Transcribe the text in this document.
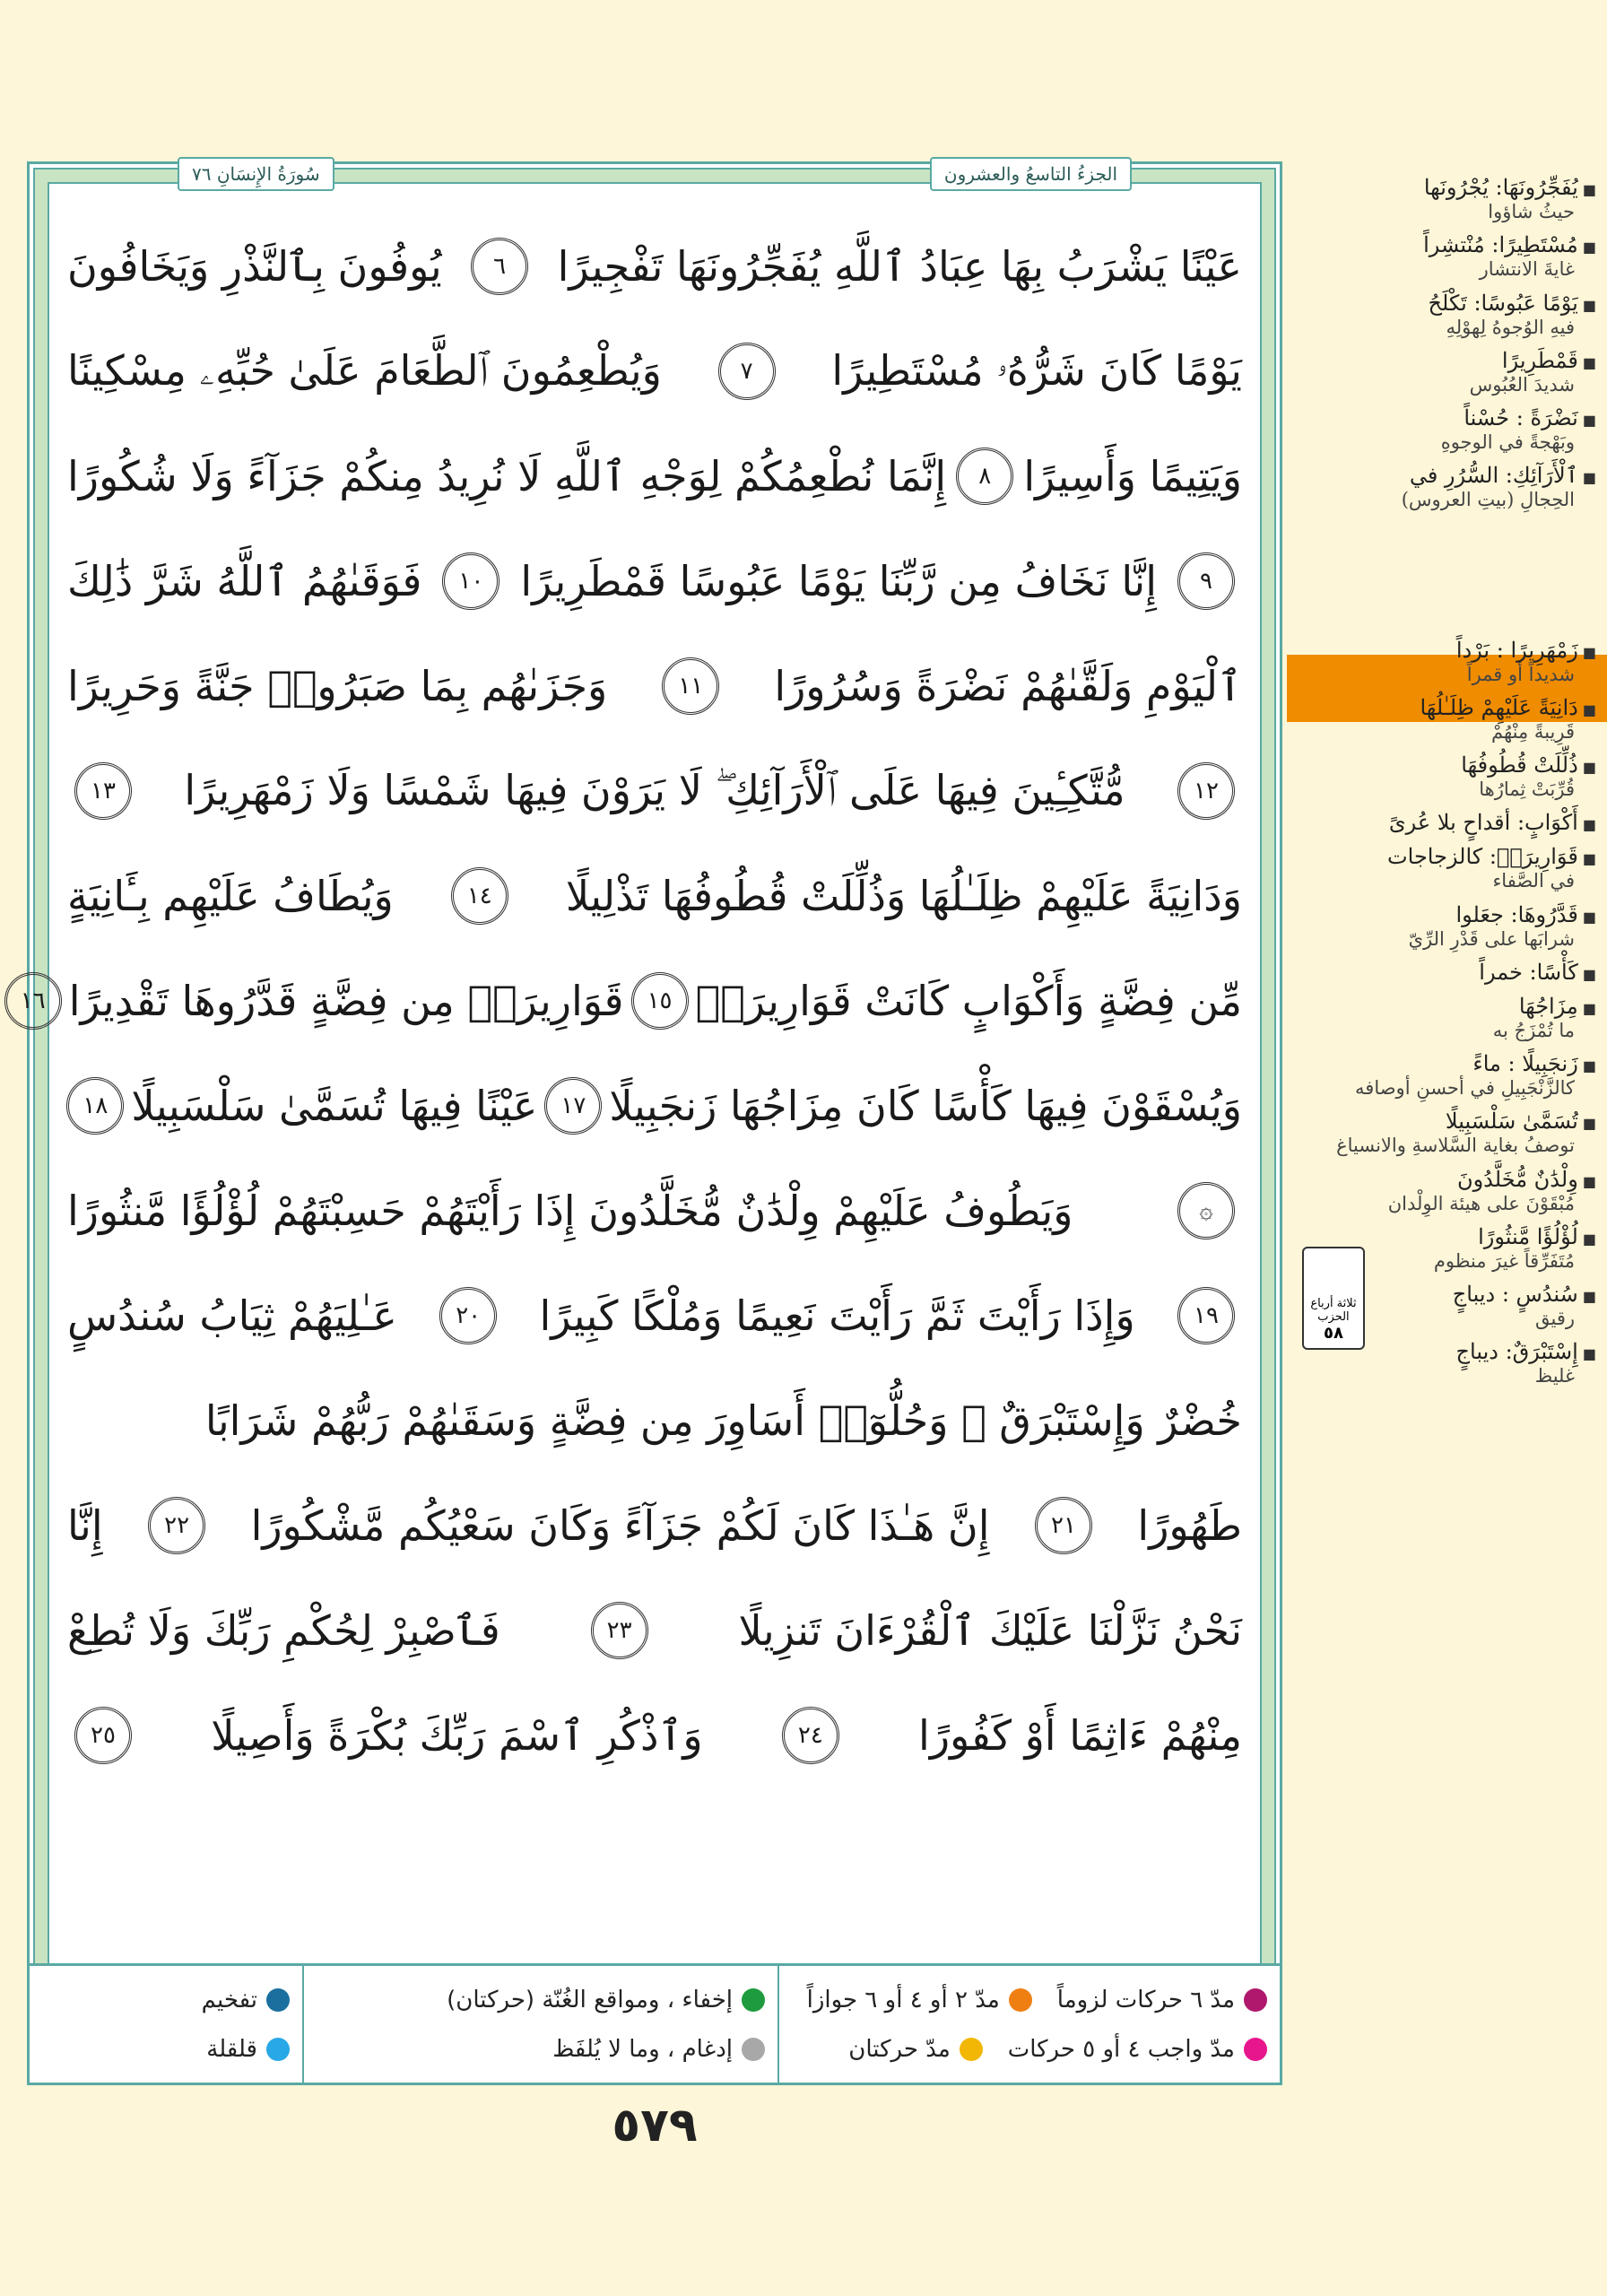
سُورَةُ الإِنسَانِ ٧٦	الجزءُ التاسعُ والعشرون
عَيْنًا يَشْرَبُ بِهَا عِبَادُ ٱللَّهِ يُفَجِّرُونَهَا تَفْجِيرًا
٦
يُوفُونَ بِٱلنَّذْرِ وَيَخَافُونَ
يَوْمًا كَانَ شَرُّهُۥ مُسْتَطِيرًا
٧
وَيُطْعِمُونَ ٱلطَّعَامَ عَلَىٰ حُبِّهِۦ مِسْكِينًا
وَيَتِيمًا وَأَسِيرًا
٨
إِنَّمَا نُطْعِمُكُمْ لِوَجْهِ ٱللَّهِ لَا نُرِيدُ مِنكُمْ جَزَآءً وَلَا شُكُورًا
٩
إِنَّا نَخَافُ مِن رَّبِّنَا يَوْمًا عَبُوسًا قَمْطَرِيرًا
١٠
فَوَقَىٰهُمُ ٱللَّهُ شَرَّ ذَٰلِكَ
ٱلْيَوْمِ وَلَقَّىٰهُمْ نَضْرَةً وَسُرُورًا
١١
وَجَزَىٰهُم بِمَا صَبَرُوا۟ جَنَّةً وَحَرِيرًا
١٢
مُّتَّكِـِٔينَ فِيهَا عَلَى ٱلْأَرَآئِكِ ۖ لَا يَرَوْنَ فِيهَا شَمْسًا وَلَا زَمْهَرِيرًا
١٣
وَدَانِيَةً عَلَيْهِمْ ظِلَـٰلُهَا وَذُلِّلَتْ قُطُوفُهَا تَذْلِيلًا
١٤
وَيُطَافُ عَلَيْهِم بِـَٔانِيَةٍ
مِّن فِضَّةٍ وَأَكْوَابٍ كَانَتْ قَوَارِيرَا۠
١٥
قَوَارِيرَا۟ مِن فِضَّةٍ قَدَّرُوهَا تَقْدِيرًا
١٦
وَيُسْقَوْنَ فِيهَا كَأْسًا كَانَ مِزَاجُهَا زَنجَبِيلًا
١٧
عَيْنًا فِيهَا تُسَمَّىٰ سَلْسَبِيلًا
١٨
۞
وَيَطُوفُ عَلَيْهِمْ وِلْدَٰنٌ مُّخَلَّدُونَ إِذَا رَأَيْتَهُمْ حَسِبْتَهُمْ لُؤْلُؤًا مَّنثُورًا
١٩
وَإِذَا رَأَيْتَ ثَمَّ رَأَيْتَ نَعِيمًا وَمُلْكًا كَبِيرًا
٢٠
عَـٰلِيَهُمْ ثِيَابُ سُندُسٍ
خُضْرٌ وَإِسْتَبْرَقٌ ۖ وَحُلُّوٓا۟ أَسَاوِرَ مِن فِضَّةٍ وَسَقَىٰهُمْ رَبُّهُمْ شَرَابًا
طَهُورًا
٢١
إِنَّ هَـٰذَا كَانَ لَكُمْ جَزَآءً وَكَانَ سَعْيُكُم مَّشْكُورًا
٢٢
إِنَّا
نَحْنُ نَزَّلْنَا عَلَيْكَ ٱلْقُرْءَانَ تَنزِيلًا
٢٣
فَٱصْبِرْ لِحُكْمِ رَبِّكَ وَلَا تُطِعْ
مِنْهُمْ ءَاثِمًا أَوْ كَفُورًا
٢٤
وَٱذْكُرِ ٱسْمَ رَبِّكَ بُكْرَةً وَأَصِيلًا
٢٥
مدّ ٦ حركات لزوماً
مدّ ٢ أو ٤ أو ٦ جوازاً
مدّ واجب ٤ أو ٥ حركات
مدّ حركتان
إخفاء ، ومواقع الغُنّة (حركتان)
إدغام ، وما لا يُلفَظ
تفخيم
قلقلة
٥٧٩
■ يُفَجِّرُونَهَا: يُجْرُونَها
حيثُ شاؤوا
■ مُسْتَطِيرًا: مُنْتشِراً
غايةَ الانتشار
■ يَوْمًا عَبُوسًا: تَكْلَحُ
فيهِ الوُجوهُ لِهوْلِهِ
■ قَمْطَرِيرًا
شديدَ العُبُوس
■ نَضْرَةً : حُسْناً
وبَهْجةً في الوجوهِ
■ ٱلْأَرَآئِكِ: السُّرُرِ في
الحِجالِ (بيتِ العروس)
■ زَمْهَرِيرًا : بَرْداً
شديداً أو قمراً
■ دَانِيَةً عَلَيْهِمْ ظِلَـٰلُهَا
قَرِيبةً مِنْهُمْ
■ ذُلِّلَتْ قُطُوفُهَا
قُرِّبَتْ ثِمارُها
■ أَكْوَابٍ: أقداحٍ بلا عُرىً
■ قَوَارِيرَا۟: كالزجاجات
في الصَّفاء
■ قَدَّرُوهَا: جعَلوا
شرابَها على قَدْرِ الرِّيّ
■ كَأْسًا: خمراً
■ مِزَاجُهَا
ما تُمْزَجُ به
■ زَنجَبِيلًا : ماءً
كالزَّنْجَبِيلِ في أحسنِ أوصافه
■ تُسَمَّىٰ سَلْسَبِيلًا
توصفُ بغاية السَّلاسةِ والانسياغ
■ وِلْدَٰنٌ مُّخَلَّدُونَ
مُبْقَوْنَ على هيئة الوِلْدان
■ لُؤْلُؤًا مَّنثُورًا
مُتَفَرِّقاً غيرَ منظوم
■ سُندُسٍ : ديباجٍ
رقيق
■ إِسْتَبْرَقٌ: ديباجٍ
غليظ
ثلاثة أرباع الحزب
٥٨
